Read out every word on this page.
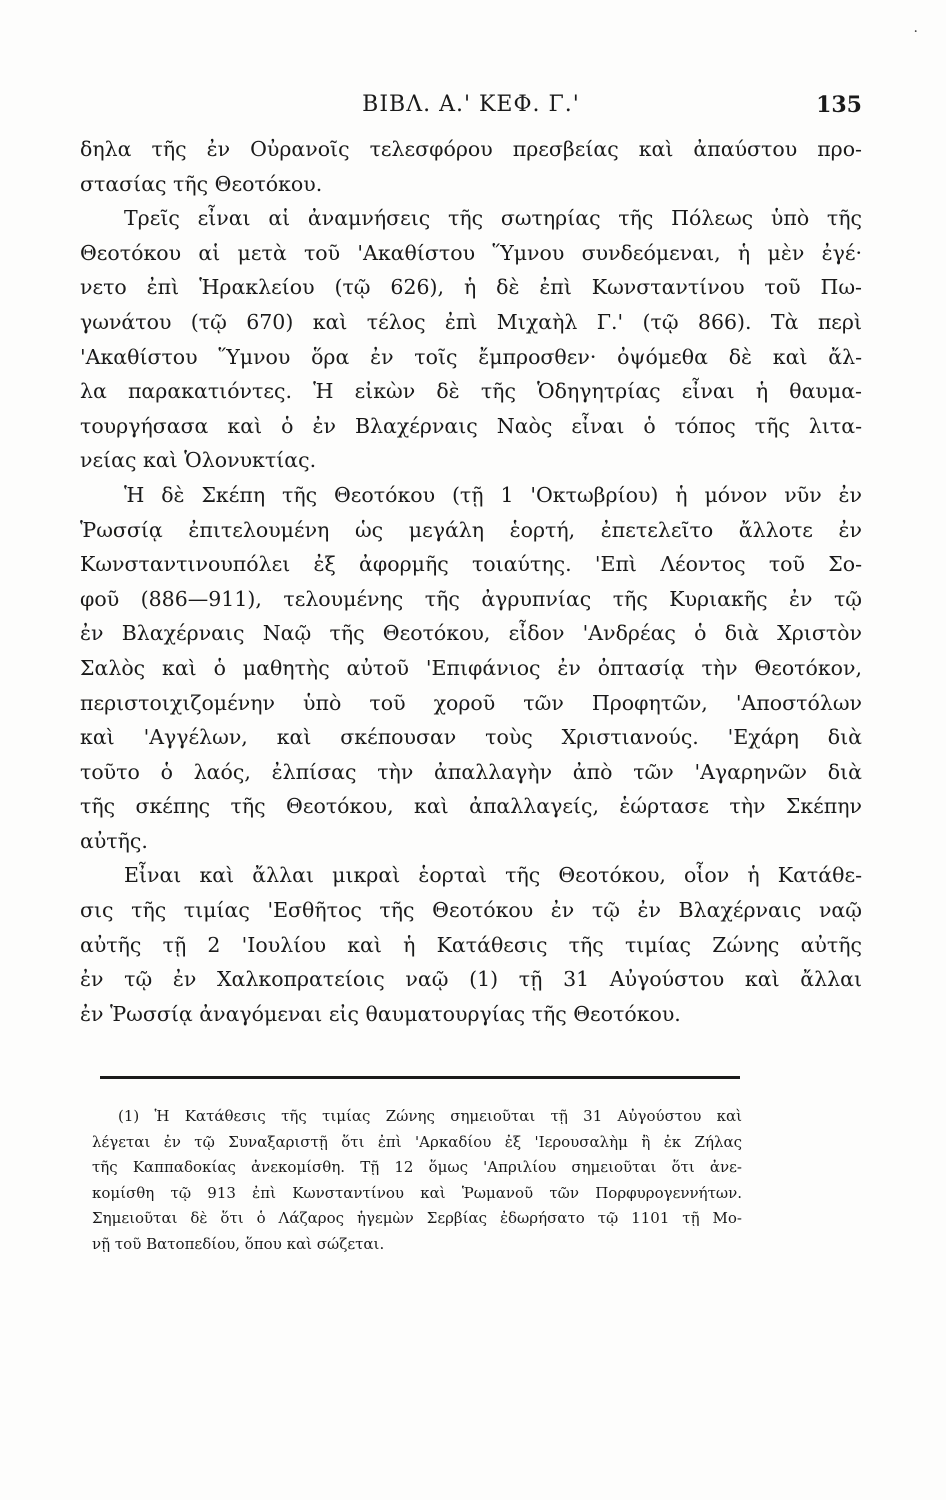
·
ΒΙΒΛ. Α.' ΚΕΦ. Γ.'	135
δηλα τῆς ἐν Οὐρανοῖς τελεσφόρου πρεσβείας καὶ ἀπαύστου προ-
στασίας τῆς Θεοτόκου.
Τρεῖς εἶναι αἱ ἀναμνήσεις τῆς σωτηρίας τῆς Πόλεως ὑπὸ τῆς
Θεοτόκου αἱ μετὰ τοῦ 'Ακαθίστου Ὕμνου συνδεόμεναι, ἡ μὲν ἐγέ·
νετο ἐπὶ Ἡρακλείου (τῷ 626), ἡ δὲ ἐπὶ Κωνσταντίνου τοῦ Πω-
γωνάτου (τῷ 670) καὶ τέλος ἐπὶ Μιχαὴλ Γ.' (τῷ 866). Τὰ περὶ
'Ακαθίστου Ὕμνου ὅρα ἐν τοῖς ἔμπροσθεν· ὀψόμεθα δὲ καὶ ἄλ-
λα παρακατιόντες. Ἡ εἰκὼν δὲ τῆς Ὁδηγητρίας εἶναι ἡ θαυμα-
τουργήσασα καὶ ὁ ἐν Βλαχέρναις Ναὸς εἶναι ὁ τόπος τῆς λιτα-
νείας καὶ Ὁλονυκτίας.
Ἡ δὲ Σκέπη τῆς Θεοτόκου (τῇ 1 'Οκτωβρίου) ἡ μόνον νῦν ἐν
Ῥωσσίᾳ ἐπιτελουμένη ὡς μεγάλη ἑορτή, ἐπετελεῖτο ἄλλοτε ἐν
Κωνσταντινουπόλει ἐξ ἀφορμῆς τοιαύτης. 'Επὶ Λέοντος τοῦ Σο-
φοῦ (886—911), τελουμένης τῆς ἀγρυπνίας τῆς Κυριακῆς ἐν τῷ
ἐν Βλαχέρναις Ναῷ τῆς Θεοτόκου, εἶδον 'Ανδρέας ὁ διὰ Χριστὸν
Σαλὸς καὶ ὁ μαθητὴς αὐτοῦ 'Επιφάνιος ἐν ὀπτασίᾳ τὴν Θεοτόκον,
περιστοιχιζομένην ὑπὸ τοῦ χοροῦ τῶν Προφητῶν, 'Αποστόλων
καὶ 'Αγγέλων, καὶ σκέπουσαν τοὺς Χριστιανούς. 'Εχάρη διὰ
τοῦτο ὁ λαός, ἐλπίσας τὴν ἀπαλλαγὴν ἀπὸ τῶν 'Αγαρηνῶν διὰ
τῆς σκέπης τῆς Θεοτόκου, καὶ ἀπαλλαγείς, ἑώρτασε τὴν Σκέπην
αὐτῆς.
Εἶναι καὶ ἄλλαι μικραὶ ἑορταὶ τῆς Θεοτόκου, οἷον ἡ Κατάθε-
σις τῆς τιμίας 'Εσθῆτος τῆς Θεοτόκου ἐν τῷ ἐν Βλαχέρναις ναῷ
αὐτῆς τῇ 2 'Ιουλίου καὶ ἡ Κατάθεσις τῆς τιμίας Ζώνης αὐτῆς
ἐν τῷ ἐν Χαλκοπρατείοις ναῷ (1) τῇ 31 Αὐγούστου καὶ ἄλλαι
ἐν Ῥωσσίᾳ ἀναγόμεναι εἰς θαυματουργίας τῆς Θεοτόκου.
(1) Ἡ Κατάθεσις τῆς τιμίας Ζώνης σημειοῦται τῇ 31 Αὐγούστου καὶ
λέγεται ἐν τῷ Συναξαριστῇ ὅτι ἐπὶ 'Αρκαδίου ἐξ 'Ιερουσαλὴμ ἢ ἐκ Ζήλας
τῆς Καππαδοκίας ἀνεκομίσθη. Τῇ 12 ὅμως 'Απριλίου σημειοῦται ὅτι ἀνε-
κομίσθη τῷ 913 ἐπὶ Κωνσταντίνου καὶ Ῥωμανοῦ τῶν Πορφυρογεννήτων.
Σημειοῦται δὲ ὅτι ὁ Λάζαρος ἡγεμὼν Σερβίας ἐδωρήσατο τῷ 1101 τῇ Μο-
νῇ τοῦ Βατοπεδίου, ὅπου καὶ σώζεται.
